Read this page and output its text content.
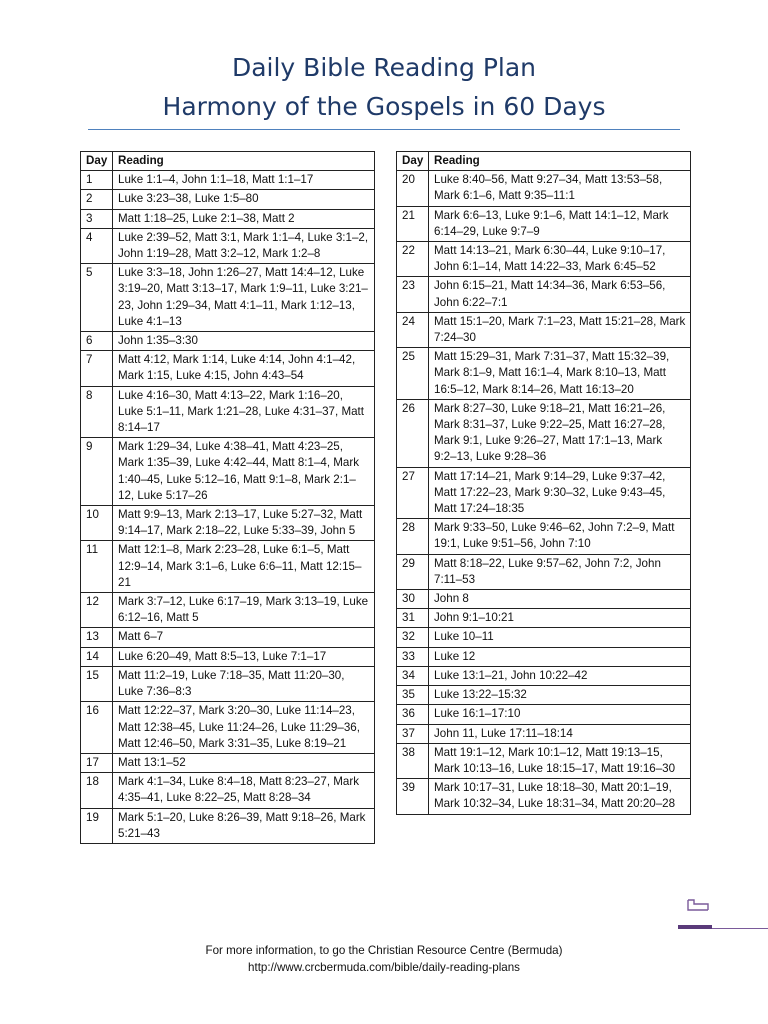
Daily Bible Reading Plan
Harmony of the Gospels in 60 Days
Day	Reading
1	Luke 1:1–4, John 1:1–18, Matt 1:1–17
2	Luke 3:23–38, Luke 1:5–80
3	Matt 1:18–25, Luke 2:1–38, Matt 2
4	Luke 2:39–52, Matt 3:1, Mark 1:1–4, Luke 3:1–2, John 1:19–28, Matt 3:2–12, Mark 1:2–8
5	Luke 3:3–18, John 1:26–27, Matt 14:4–12, Luke 3:19–20, Matt 3:13–17, Mark 1:9–11, Luke 3:21–23, John 1:29–34, Matt 4:1–11, Mark 1:12–13, Luke 4:1–13
6	John 1:35–3:30
7	Matt 4:12, Mark 1:14, Luke 4:14, John 4:1–42, Mark 1:15, Luke 4:15, John 4:43–54
8	Luke 4:16–30, Matt 4:13–22, Mark 1:16–20, Luke 5:1–11, Mark 1:21–28, Luke 4:31–37, Matt 8:14–17
9	Mark 1:29–34, Luke 4:38–41, Matt 4:23–25, Mark 1:35–39, Luke 4:42–44, Matt 8:1–4, Mark 1:40–45, Luke 5:12–16, Matt 9:1–8, Mark 2:1–12, Luke 5:17–26
10	Matt 9:9–13, Mark 2:13–17, Luke 5:27–32, Matt 9:14–17, Mark 2:18–22, Luke 5:33–39, John 5
11	Matt 12:1–8, Mark 2:23–28, Luke 6:1–5, Matt 12:9–14, Mark 3:1–6, Luke 6:6–11, Matt 12:15–21
12	Mark 3:7–12, Luke 6:17–19, Mark 3:13–19, Luke 6:12–16, Matt 5
13	Matt 6–7
14	Luke 6:20–49, Matt 8:5–13, Luke 7:1–17
15	Matt 11:2–19, Luke 7:18–35, Matt 11:20–30, Luke 7:36–8:3
16	Matt 12:22–37, Mark 3:20–30, Luke 11:14–23, Matt 12:38–45, Luke 11:24–26, Luke 11:29–36, Matt 12:46–50, Mark 3:31–35, Luke 8:19–21
17	Matt 13:1–52
18	Mark 4:1–34, Luke 8:4–18, Matt 8:23–27, Mark 4:35–41, Luke 8:22–25, Matt 8:28–34
19	Mark 5:1–20, Luke 8:26–39, Matt 9:18–26, Mark 5:21–43
Day	Reading
20	Luke 8:40–56, Matt 9:27–34, Matt 13:53–58, Mark 6:1–6, Matt 9:35–11:1
21	Mark 6:6–13, Luke 9:1–6, Matt 14:1–12, Mark 6:14–29, Luke 9:7–9
22	Matt 14:13–21, Mark 6:30–44, Luke 9:10–17, John 6:1–14, Matt 14:22–33, Mark 6:45–52
23	John 6:15–21, Matt 14:34–36, Mark 6:53–56, John 6:22–7:1
24	Matt 15:1–20, Mark 7:1–23, Matt 15:21–28, Mark 7:24–30
25	Matt 15:29–31, Mark 7:31–37, Matt 15:32–39, Mark 8:1–9, Matt 16:1–4, Mark 8:10–13, Matt 16:5–12, Mark 8:14–26, Matt 16:13–20
26	Mark 8:27–30, Luke 9:18–21, Matt 16:21–26, Mark 8:31–37, Luke 9:22–25, Matt 16:27–28, Mark 9:1, Luke 9:26–27, Matt 17:1–13, Mark 9:2–13, Luke 9:28–36
27	Matt 17:14–21, Mark 9:14–29, Luke 9:37–42, Matt 17:22–23, Mark 9:30–32, Luke 9:43–45, Matt 17:24–18:35
28	Mark 9:33–50, Luke 9:46–62, John 7:2–9, Matt 19:1, Luke 9:51–56, John 7:10
29	Matt 8:18–22, Luke 9:57–62, John 7:2, John 7:11–53
30	John 8
31	John 9:1–10:21
32	Luke 10–11
33	Luke 12
34	Luke 13:1–21, John 10:22–42
35	Luke 13:22–15:32
36	Luke 16:1–17:10
37	John 11, Luke 17:11–18:14
38	Matt 19:1–12, Mark 10:1–12, Matt 19:13–15, Mark 10:13–16, Luke 18:15–17, Matt 19:16–30
39	Mark 10:17–31, Luke 18:18–30, Matt 20:1–19, Mark 10:32–34, Luke 18:31–34, Matt 20:20–28

For more information, to go the Christian Resource Centre (Bermuda)

http://www.crcbermuda.com/bible/daily-reading-plans
